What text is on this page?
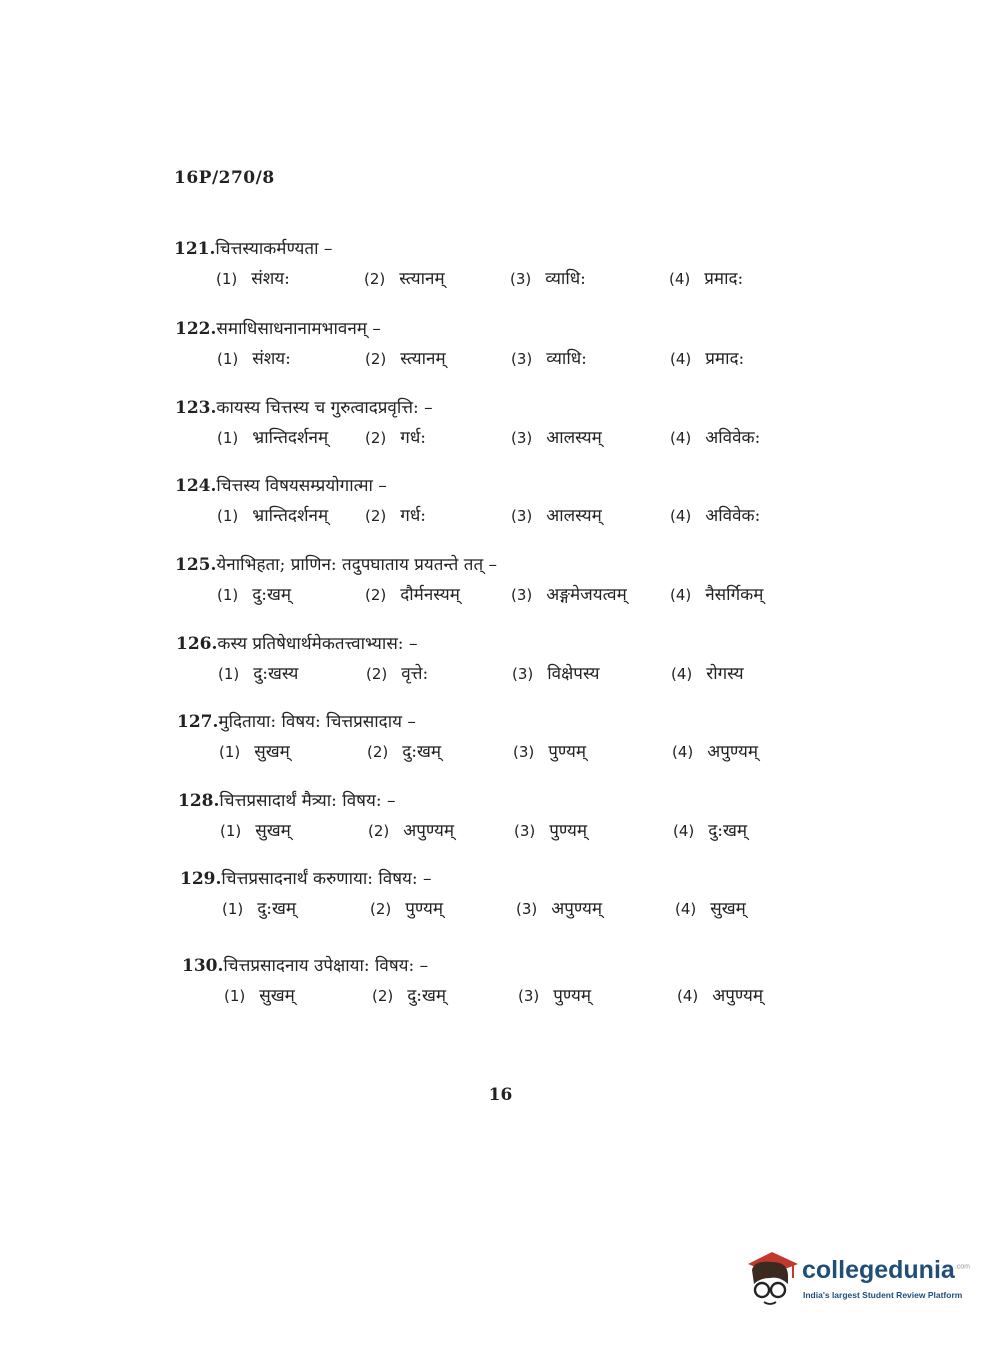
16P/270/8
121.चित्तस्याकर्मण्यता –
(1) संशय:	(2) स्त्यानम्	(3) व्याधि:	(4) प्रमाद:
122.समाधिसाधनानामभावनम् –
(1) संशय:	(2) स्त्यानम्	(3) व्याधि:	(4) प्रमाद:
123.कायस्य चित्तस्य च गुरुत्वादप्रवृत्ति: –
(1) भ्रान्तिदर्शनम् (2) गर्ध:	(3) आलस्यम्	(4) अविवेक:
124.चित्तस्य विषयसम्प्रयोगात्मा –
(1) भ्रान्तिदर्शनम् (2) गर्ध:	(3) आलस्यम्	(4) अविवेक:
125.येनाभिहता; प्राणिन: तदुपघाताय प्रयतन्ते तत् –
(1) दु:खम्	(2) दौर्मनस्यम्	(3) अङ्गमेजयत्वम्	(4) नैसर्गिकम्
126.कस्य प्रतिषेधार्थमेकतत्त्वाभ्यास: –
(1) दु:खस्य	(2) वृत्ते:	(3) विक्षेपस्य	(4) रोगस्य
127.मुदिताया: विषय: चित्तप्रसादाय –
(1) सुखम्	(2) दु:खम्	(3) पुण्यम्	(4) अपुण्यम्
128.चित्तप्रसादार्थं मैत्र्या: विषय: –
(1) सुखम्	(2) अपुण्यम्	(3) पुण्यम्	(4) दु:खम्
129.चित्तप्रसादनार्थं करुणाया: विषय: –
(1) दु:खम्	(2) पुण्यम्	(3) अपुण्यम्	(4) सुखम्
130.चित्तप्रसादनाय उपेक्षाया: विषय: –
(1) सुखम्	(2) दु:खम्	(3) पुण्यम्	(4) अपुण्यम्
16
collegedunia$^{.com}$
India's largest Student Review Platform
